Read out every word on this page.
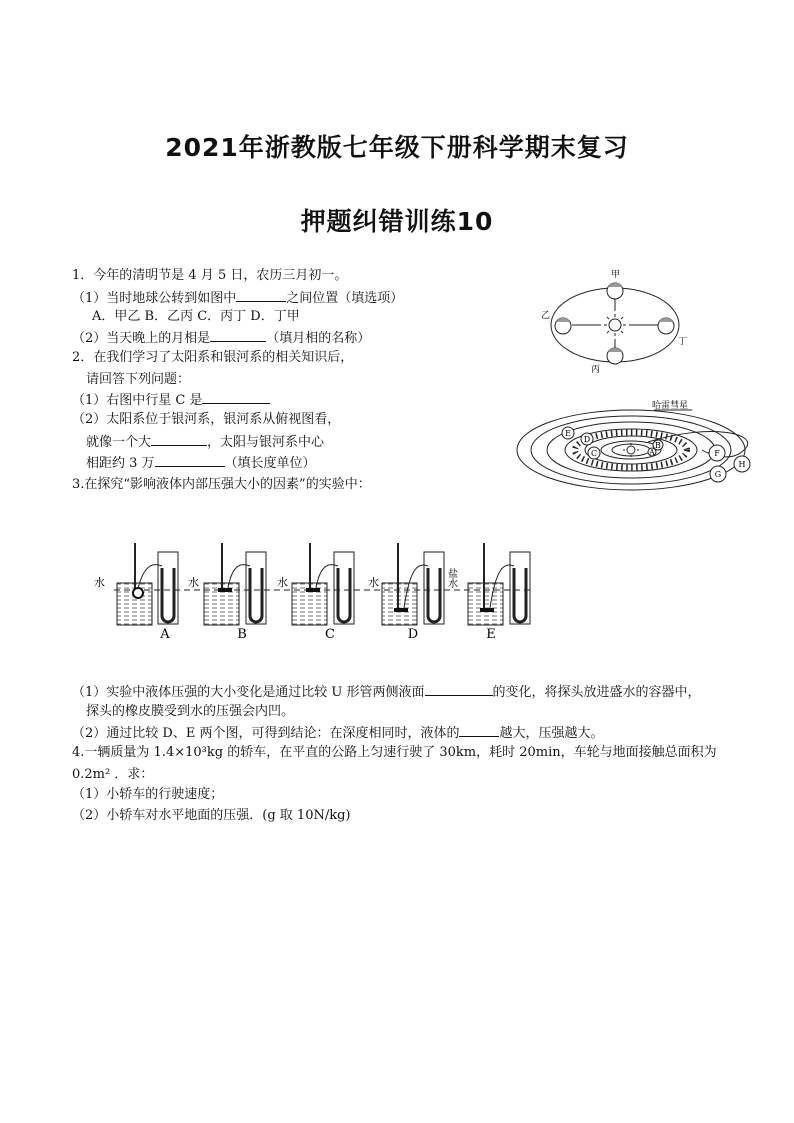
2021年浙教版七年级下册科学期末复习
押题纠错训练10
1．今年的清明节是 4 月 5 日，农历三月初一。
（1）当时地球公转到如图中	之间位置（填选项）
A．甲乙 B．乙丙 C．丙丁 D．丁甲
（2）当天晚上的月相是	（填月相的名称）
甲
乙
丁
丙
2．在我们学习了太阳系和银河系的相关知识后，
请回答下列问题：
（1）右图中行星 C 是
（2）太阳系位于银河系，银河系从俯视图看，
就像一个大	，太阳与银河系中心
相距约 3 万	（填长度单位）
A
B
C
D
E
F
H
G
哈雷彗星
3.在探究“影响液体内部压强大小的因素”的实验中：
水	水	水	水	盐水
A	B	C	D	E
（1）实验中液体压强的大小变化是通过比较 U 形管两侧液面	的变化，将探头放进盛水的容器中，
探头的橡皮膜受到水的压强会内凹。
（2）通过比较 D、E 两个图，可得到结论：在深度相同时，液体的	越大，压强越大。
4.一辆质量为 1.4×10³kg 的轿车，在平直的公路上匀速行驶了 30km，耗时 20min，车轮与地面接触总面积为
0.2m² ．求：
（1）小轿车的行驶速度；
（2）小轿车对水平地面的压强．(g 取 10N/kg)
